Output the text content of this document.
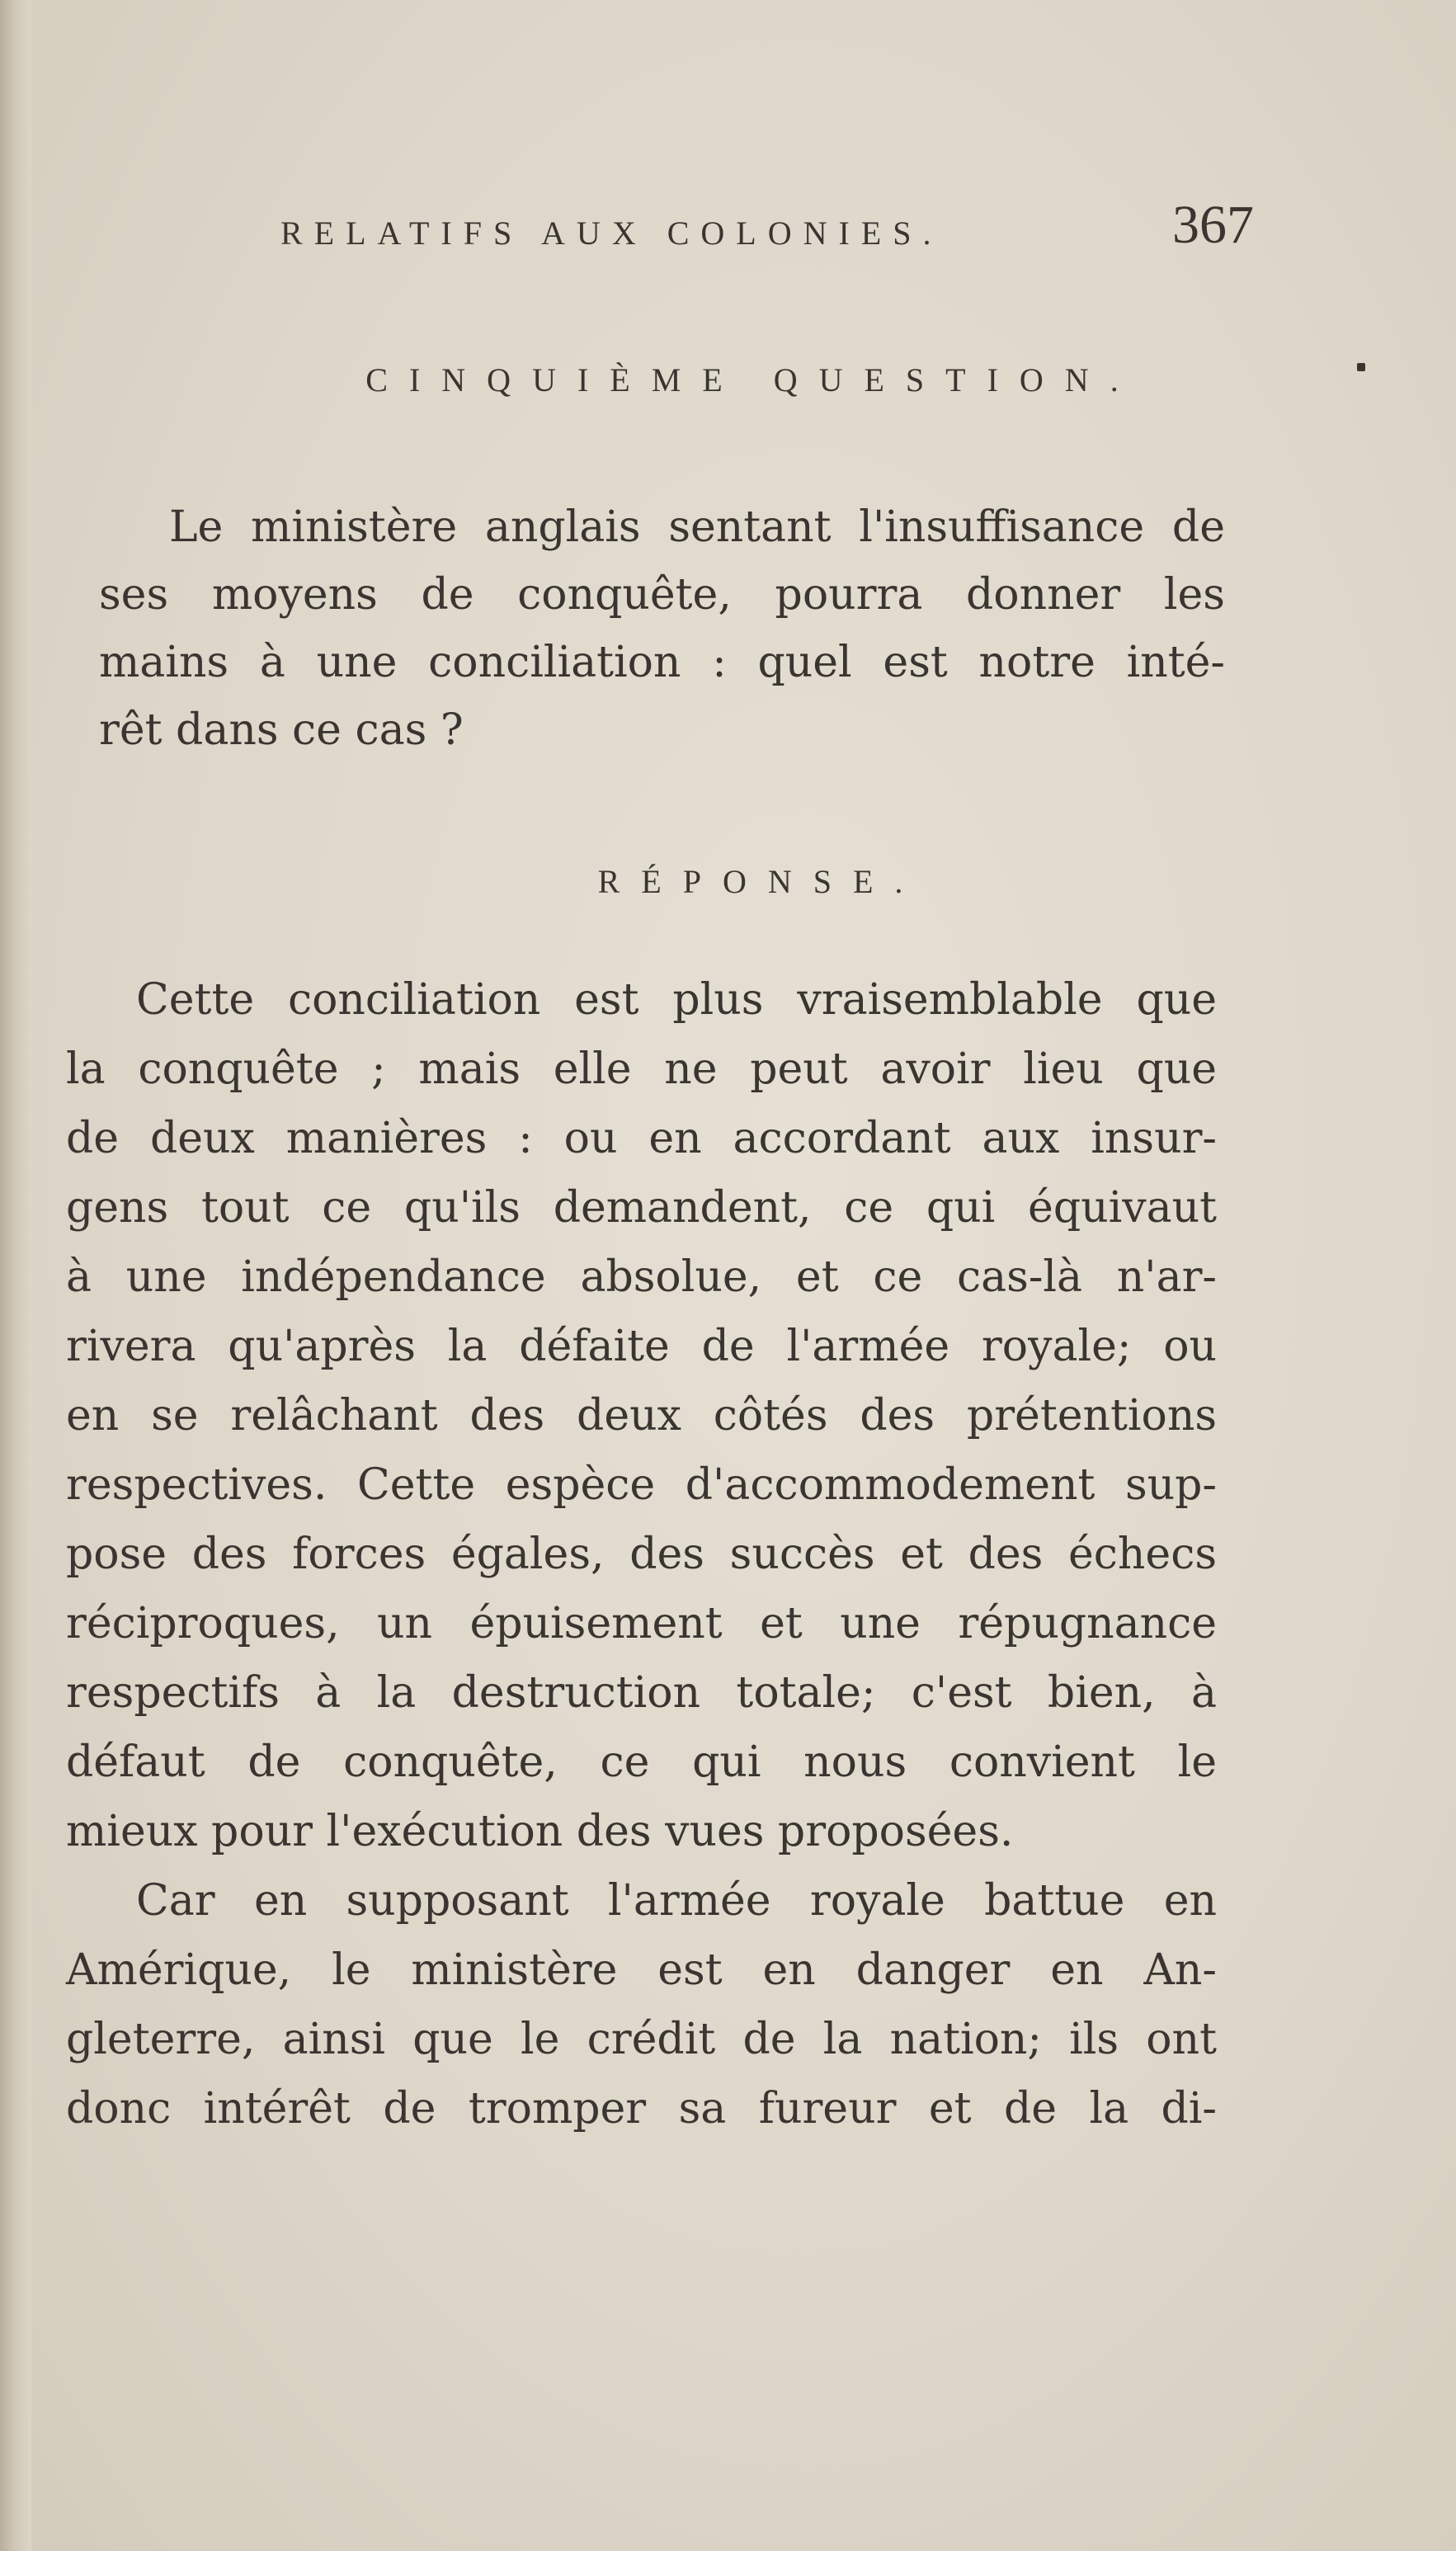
RELATIFS AUX COLONIES.	367
CINQUIÈME QUESTION.
Le ministère anglais sentant l'insuffisance de
ses moyens de conquête, pourra donner les
mains à une conciliation : quel est notre inté-
rêt dans ce cas ?
RÉPONSE.
Cette conciliation est plus vraisemblable que
la conquête ; mais elle ne peut avoir lieu que
de deux manières : ou en accordant aux insur-
gens tout ce qu'ils demandent, ce qui équivaut
à une indépendance absolue, et ce cas-là n'ar-
rivera qu'après la défaite de l'armée royale; ou
en se relâchant des deux côtés des prétentions
respectives. Cette espèce d'accommodement sup-
pose des forces égales, des succès et des échecs
réciproques, un épuisement et une répugnance
respectifs à la destruction totale; c'est bien, à
défaut de conquête, ce qui nous convient le
mieux pour l'exécution des vues proposées.
Car en supposant l'armée royale battue en
Amérique, le ministère est en danger en An-
gleterre, ainsi que le crédit de la nation; ils ont
donc intérêt de tromper sa fureur et de la di-
